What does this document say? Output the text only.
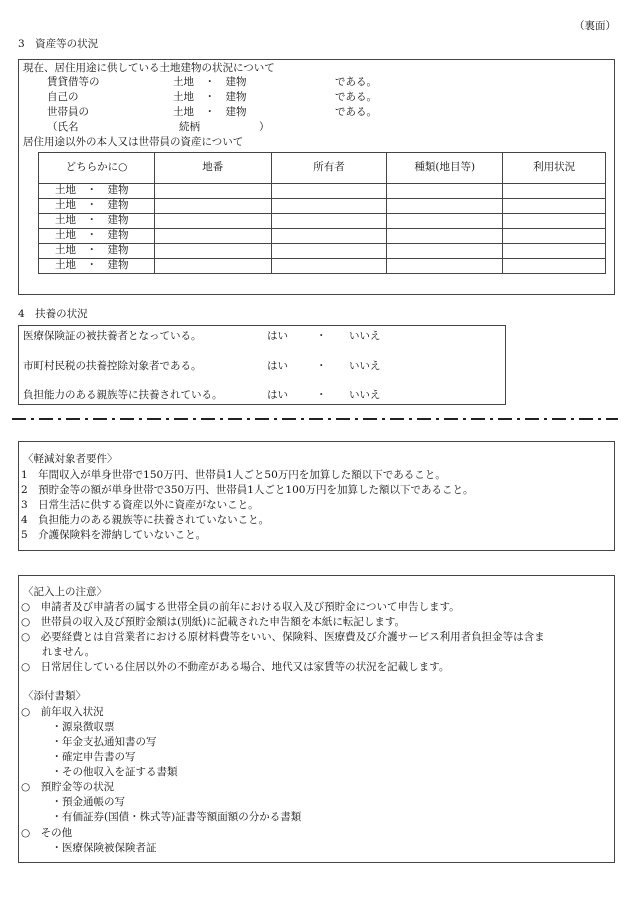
（裏面）
3　資産等の状況
現在、居住用途に供している土地建物の状況について
賃貸借等の	土地　・　建物	である。
自己の	土地　・　建物	である。
世帯員の	土地　・　建物	である。
（氏名	続柄	）
居住用途以外の本人又は世帯員の資産について
どちらかに○	地番	所有者	種類(地目等)	利用状況
土地　・　建物				
土地　・　建物				
土地　・　建物				
土地　・　建物				
土地　・　建物				
土地　・　建物				
4　扶養の状況
医療保険証の被扶養者となっている。	はい	・ いいえ
市町村民税の扶養控除対象者である。	はい	・ いいえ
負担能力のある親族等に扶養されている。	はい	・ いいえ
〈軽減対象者要件〉
1　年間収入が単身世帯で150万円、世帯員1人ごと50万円を加算した額以下であること。
2　預貯金等の額が単身世帯で350万円、世帯員1人ごと100万円を加算した額以下であること。
3　日常生活に供する資産以外に資産がないこと。
4　負担能力のある親族等に扶養されていないこと。
5　介護保険料を滞納していないこと。
〈記入上の注意〉
○　申請者及び申請者の属する世帯全員の前年における収入及び預貯金について申告します。
○　世帯員の収入及び預貯金額は(別紙)に記載された申告額を本紙に転記します。
○　必要経費とは自営業者における原材料費等をいい、保険料、医療費及び介護サービス利用者負担金等は含ま
　　れません。
○　日常居住している住居以外の不動産がある場合、地代又は家賃等の状況を記載します。
〈添付書類〉
○　前年収入状況
　・源泉徴収票
　・年金支払通知書の写
　・確定申告書の写
　・その他収入を証する書類
○　預貯金等の状況
　・預金通帳の写
　・有価証券(国債・株式等)証書等額面額の分かる書類
○　その他
　・医療保険被保険者証
